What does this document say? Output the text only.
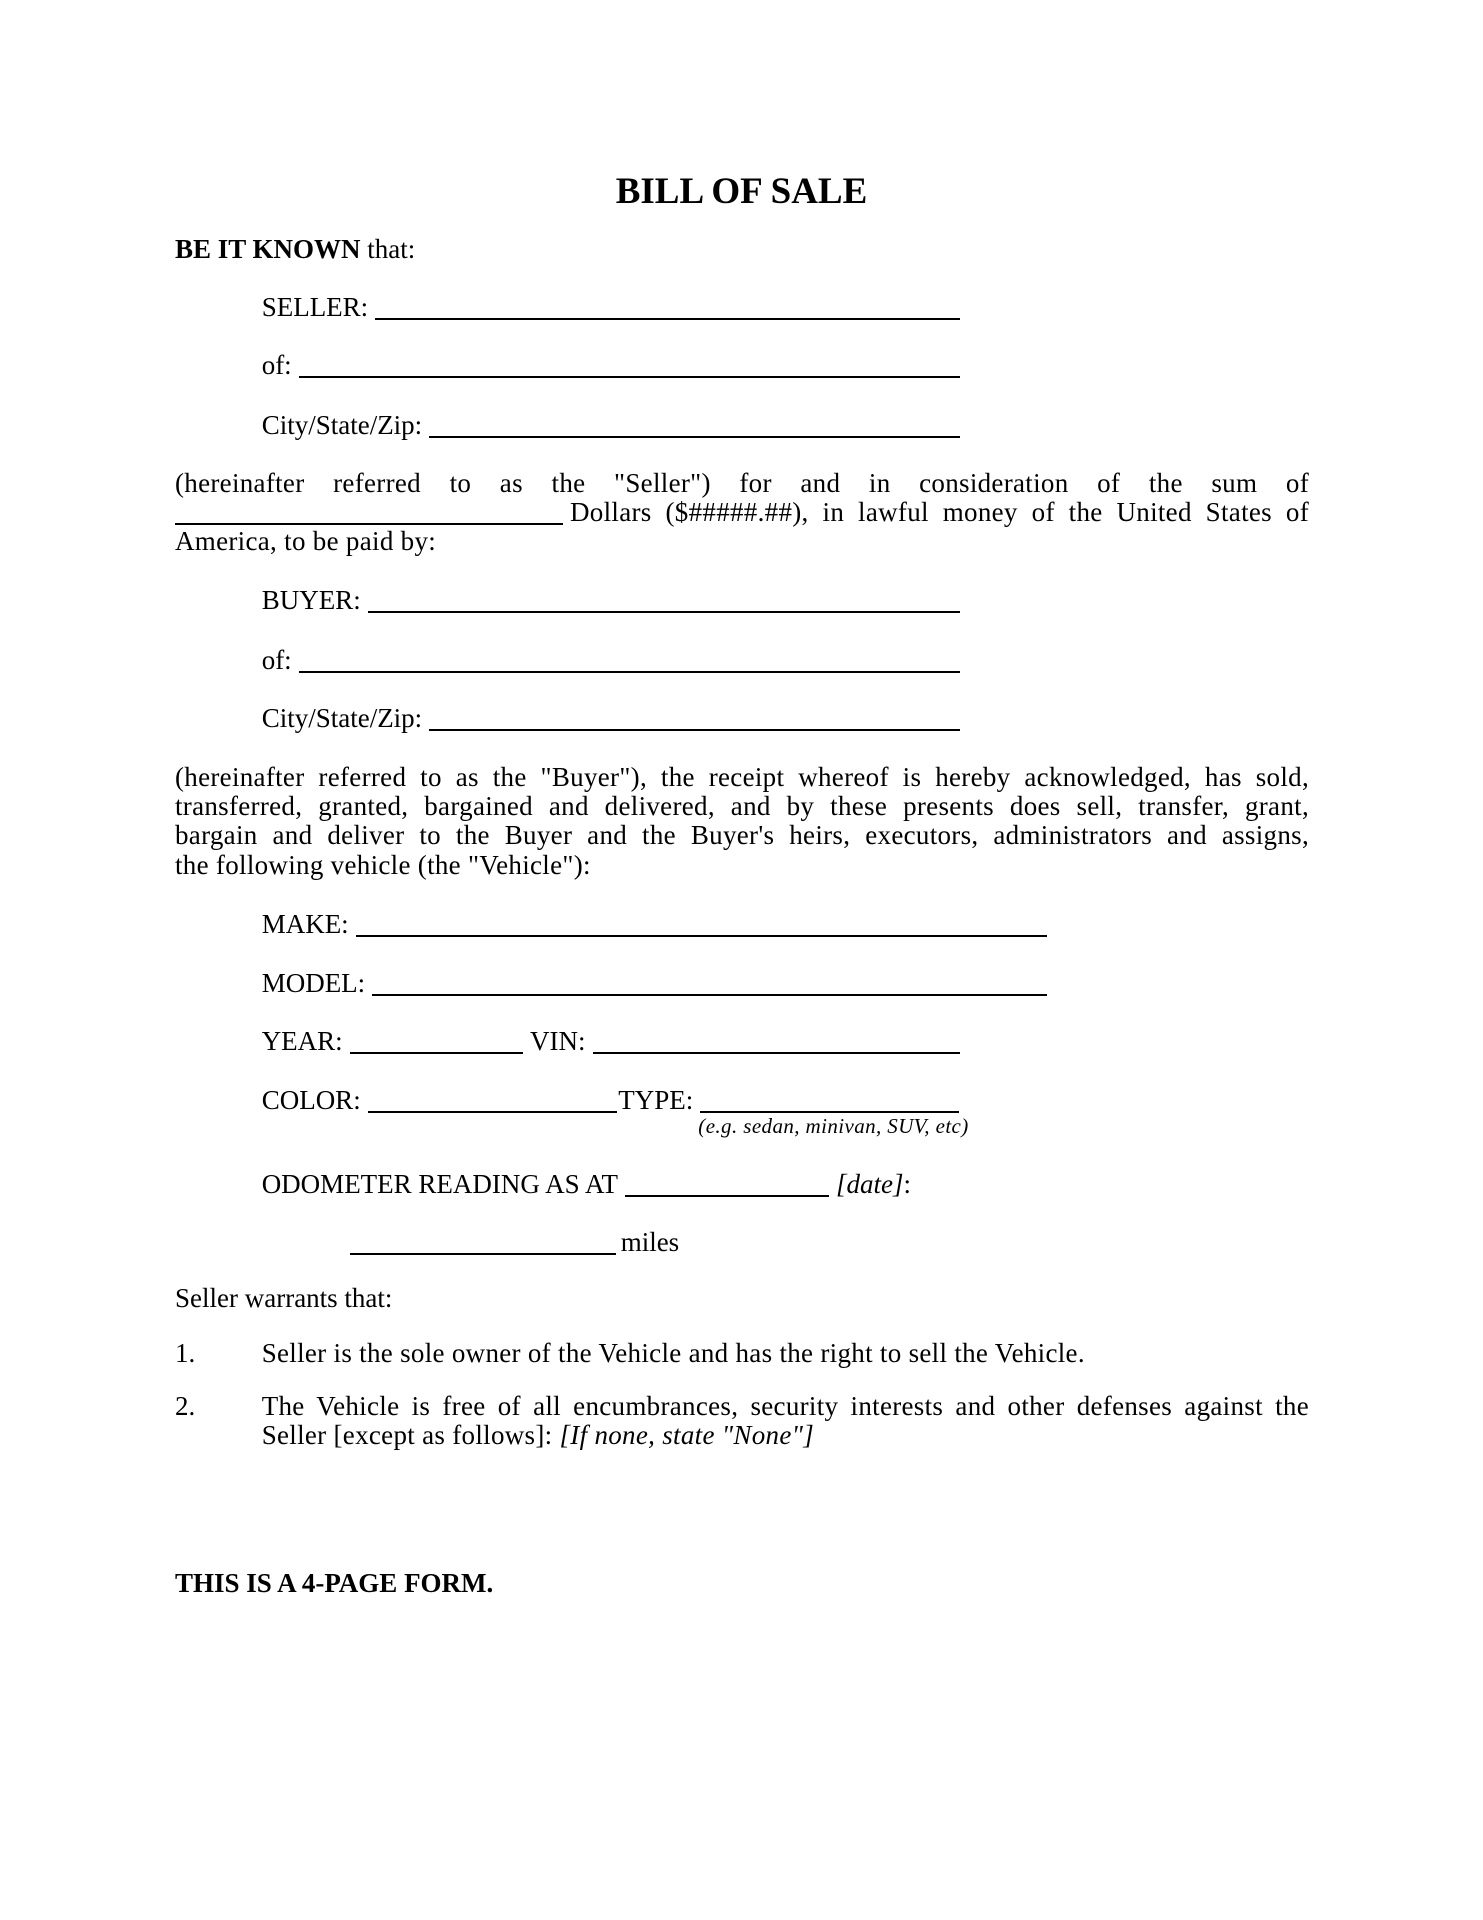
BILL OF SALE
BE IT KNOWN that:
SELLER:
of:
City/State/Zip:
(hereinafter referred to as the "Seller") for and in consideration of the sum of
Dollars ($#####.##), in lawful money of the United States of
America, to be paid by:
BUYER:
of:
City/State/Zip:
(hereinafter referred to as the "Buyer"), the receipt whereof is hereby acknowledged, has sold,
transferred, granted, bargained and delivered, and by these presents does sell, transfer, grant,
bargain and deliver to the Buyer and the Buyer's heirs, executors, administrators and assigns,
the following vehicle (the "Vehicle"):
MAKE:
MODEL:
YEAR:	VIN:
COLOR:	TYPE:
(e.g. sedan, minivan, SUV, etc)
ODOMETER READING AS AT	[date]:
miles
Seller warrants that:
1. Seller is the sole owner of the Vehicle and has the right to sell the Vehicle.
2. The Vehicle is free of all encumbrances, security interests and other defenses against the
Seller [except as follows]: [If none, state "None"]
THIS IS A 4-PAGE FORM.
